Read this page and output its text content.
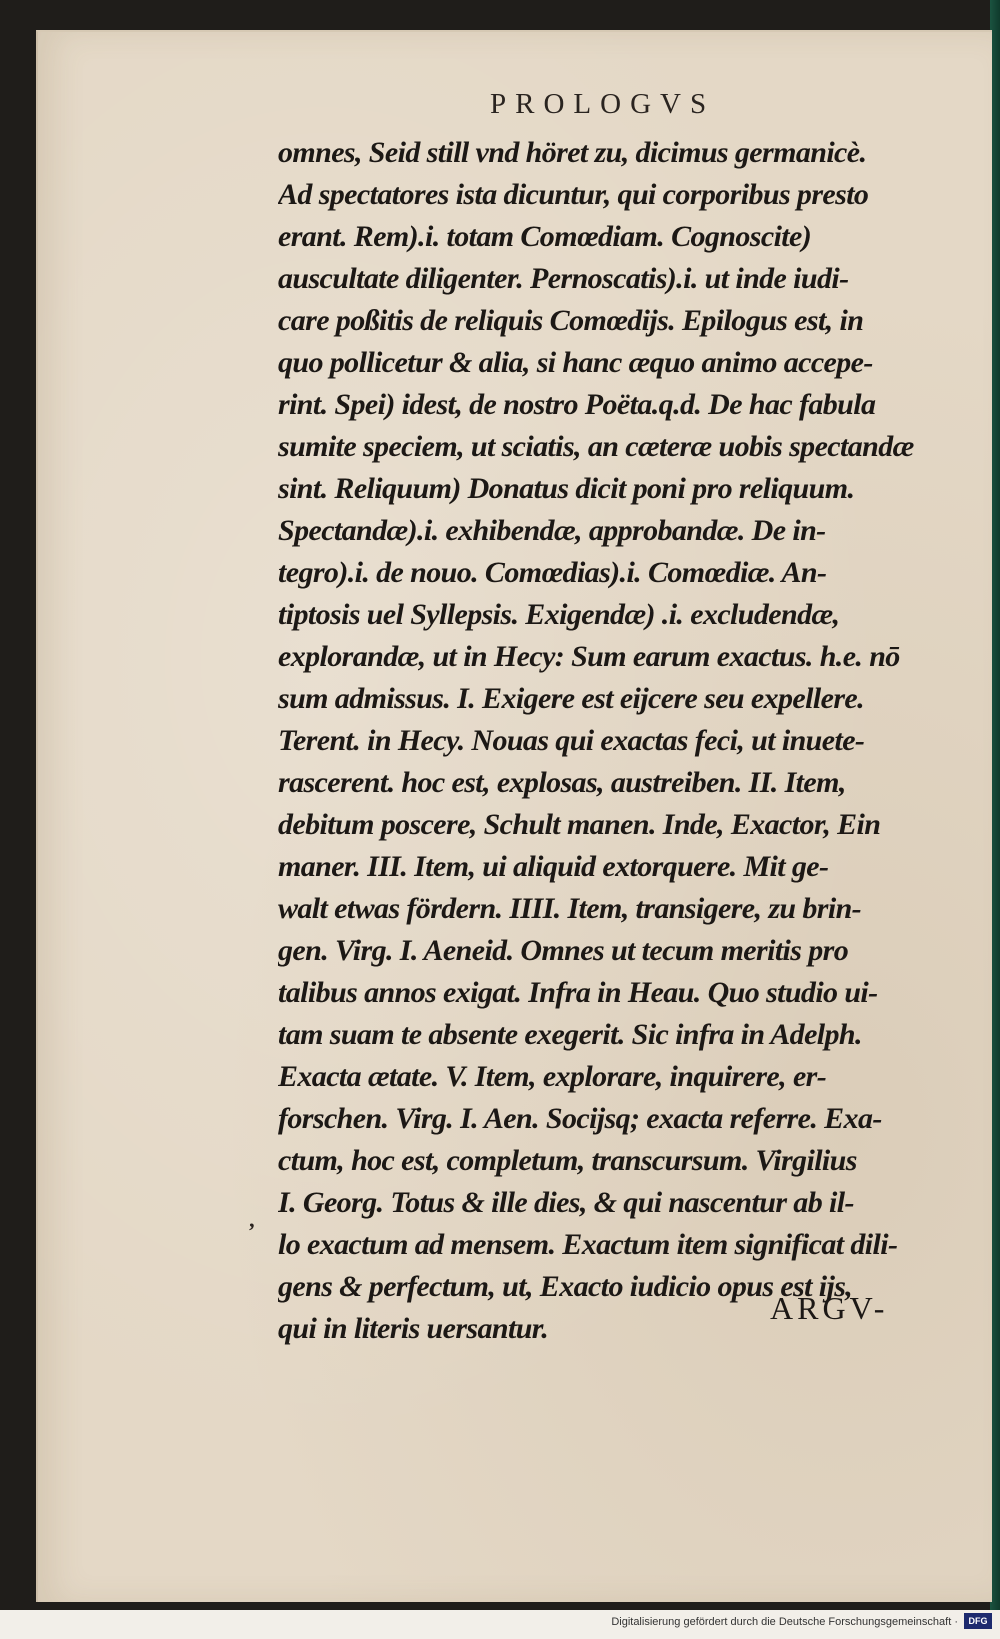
PROLOGVS
omnes, Seid still vnd höret zu, dicimus germanicè.
Ad spectatores ista dicuntur, qui corporibus presto
erant. Rem).i. totam Comœdiam. Cognoscite)
auscultate diligenter. Pernoscatis).i. ut inde iudi-
care poßitis de reliquis Comœdijs. Epilogus est, in
quo pollicetur & alia, si hanc æquo animo accepe-
rint. Spei) idest, de nostro Poëta.q.d. De hac fabula
sumite speciem, ut sciatis, an cæteræ uobis spectandæ
sint. Reliquum) Donatus dicit poni pro reliquum.
Spectandæ).i. exhibendæ, approbandæ. De in-
tegro).i. de nouo. Comœdias).i. Comœdiæ. An-
tiptosis uel Syllepsis. Exigendæ) .i. excludendæ,
explorandæ, ut in Hecy: Sum earum exactus. h.e. nō
sum admissus. I. Exigere est eijcere seu expellere.
Terent. in Hecy. Nouas qui exactas feci, ut inuete-
rascerent. hoc est, explosas, austreiben. II. Item,
debitum poscere, Schult manen. Inde, Exactor, Ein
maner. III. Item, ui aliquid extorquere. Mit ge-
walt etwas fördern. IIII. Item, transigere, zu brin-
gen. Virg. I. Aeneid. Omnes ut tecum meritis pro
talibus annos exigat. Infra in Heau. Quo studio ui-
tam suam te absente exegerit. Sic infra in Adelph.
Exacta ætate. V. Item, explorare, inquirere, er-
forschen. Virg. I. Aen. Socijsq; exacta referre. Exa-
ctum, hoc est, completum, transcursum. Virgilius
I. Georg. Totus & ille dies, & qui nascentur ab il-
lo exactum ad mensem. Exactum item significat dili-
gens & perfectum, ut, Exacto iudicio opus est ijs,
qui in literis uersantur.
’
ARGV-
Digitalisierung gefördert durch die Deutsche Forschungsgemeinschaft ·	DFG
